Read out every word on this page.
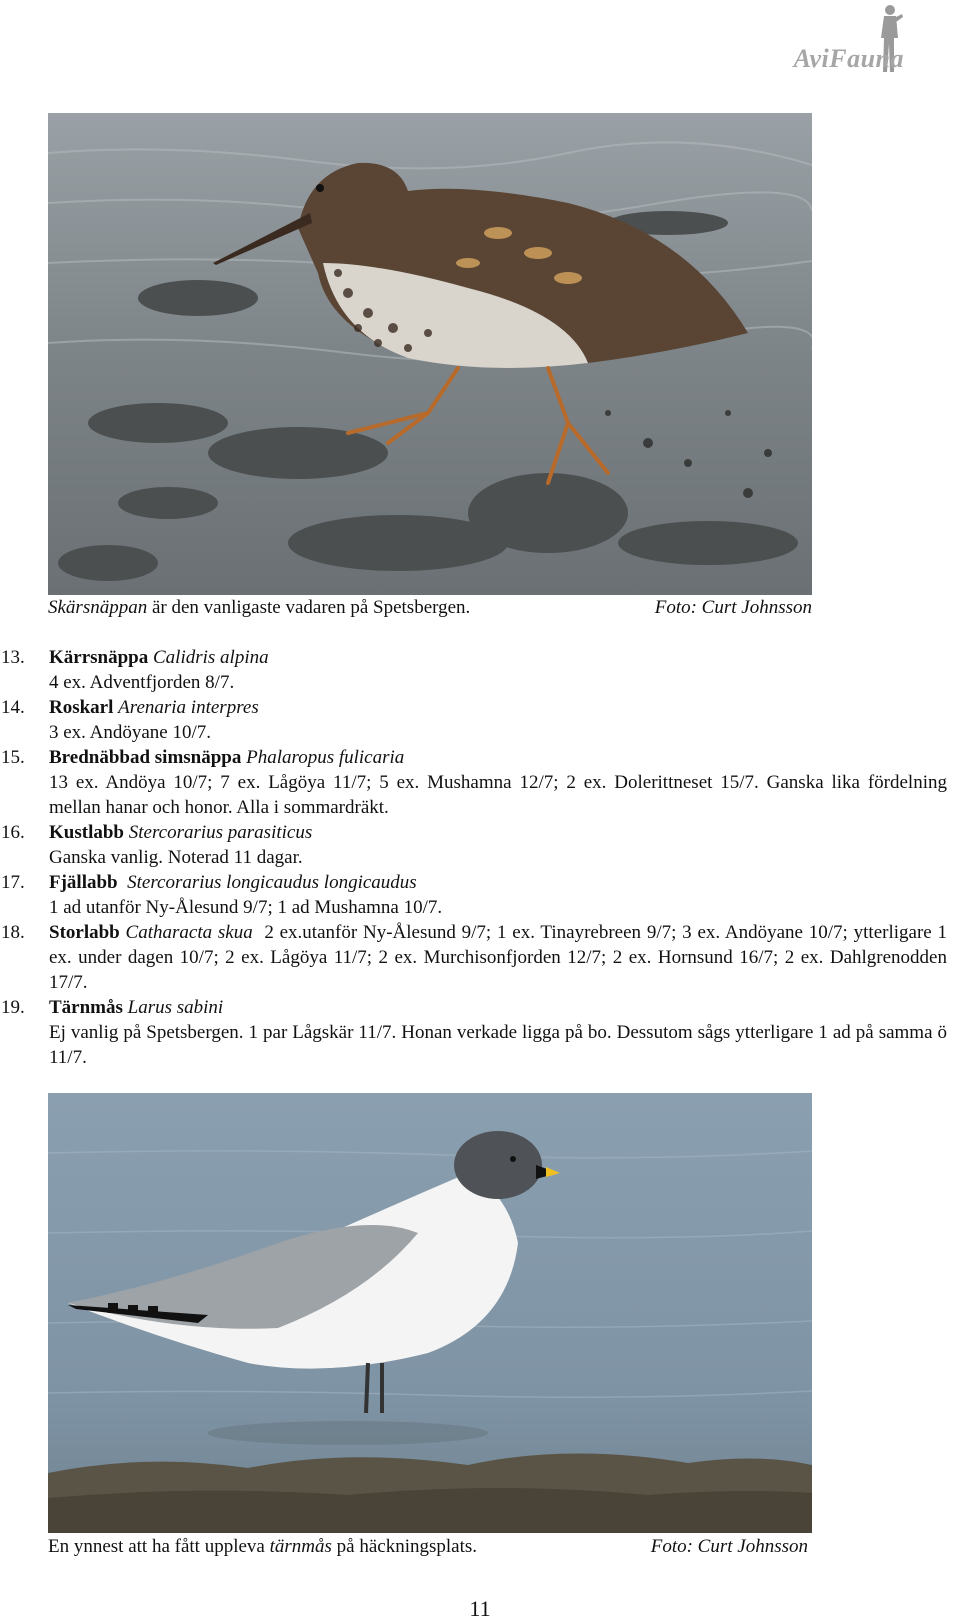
AviFauna
Skärsnäppan är den vanligaste vadaren på Spetsbergen.	Foto: Curt Johnsson
13. Kärrsnäppa Calidris alpina
4 ex. Adventfjorden 8/7.
14. Roskarl Arenaria interpres
3 ex. Andöyane 10/7.
15. Brednäbbad simsnäppa Phalaropus fulicaria
13 ex. Andöya 10/7; 7 ex. Lågöya 11/7; 5 ex. Mushamna 12/7; 2 ex. Dolerittneset 15/7. Ganska lika fördelning mellan hanar och honor. Alla i sommardräkt.
16. Kustlabb Stercorarius parasiticus
Ganska vanlig. Noterad 11 dagar.
17. Fjällabb Stercorarius longicaudus longicaudus
1 ad utanför Ny-Ålesund 9/7; 1 ad Mushamna 10/7.
18. Storlabb Catharacta skua 2 ex.utanför Ny-Ålesund 9/7; 1 ex. Tinayrebreen 9/7; 3 ex. Andöyane 10/7; ytterligare 1 ex. under dagen 10/7; 2 ex. Lågöya 11/7; 2 ex. Murchisonfjorden 12/7; 2 ex. Hornsund 16/7; 2 ex. Dahlgrenodden 17/7.
19. Tärnmås Larus sabini
Ej vanlig på Spetsbergen. 1 par Lågskär 11/7. Honan verkade ligga på bo. Dessutom sågs ytterligare 1 ad på samma ö 11/7.
En ynnest att ha fått uppleva tärnmås på häckningsplats.	Foto: Curt Johnsson
11
